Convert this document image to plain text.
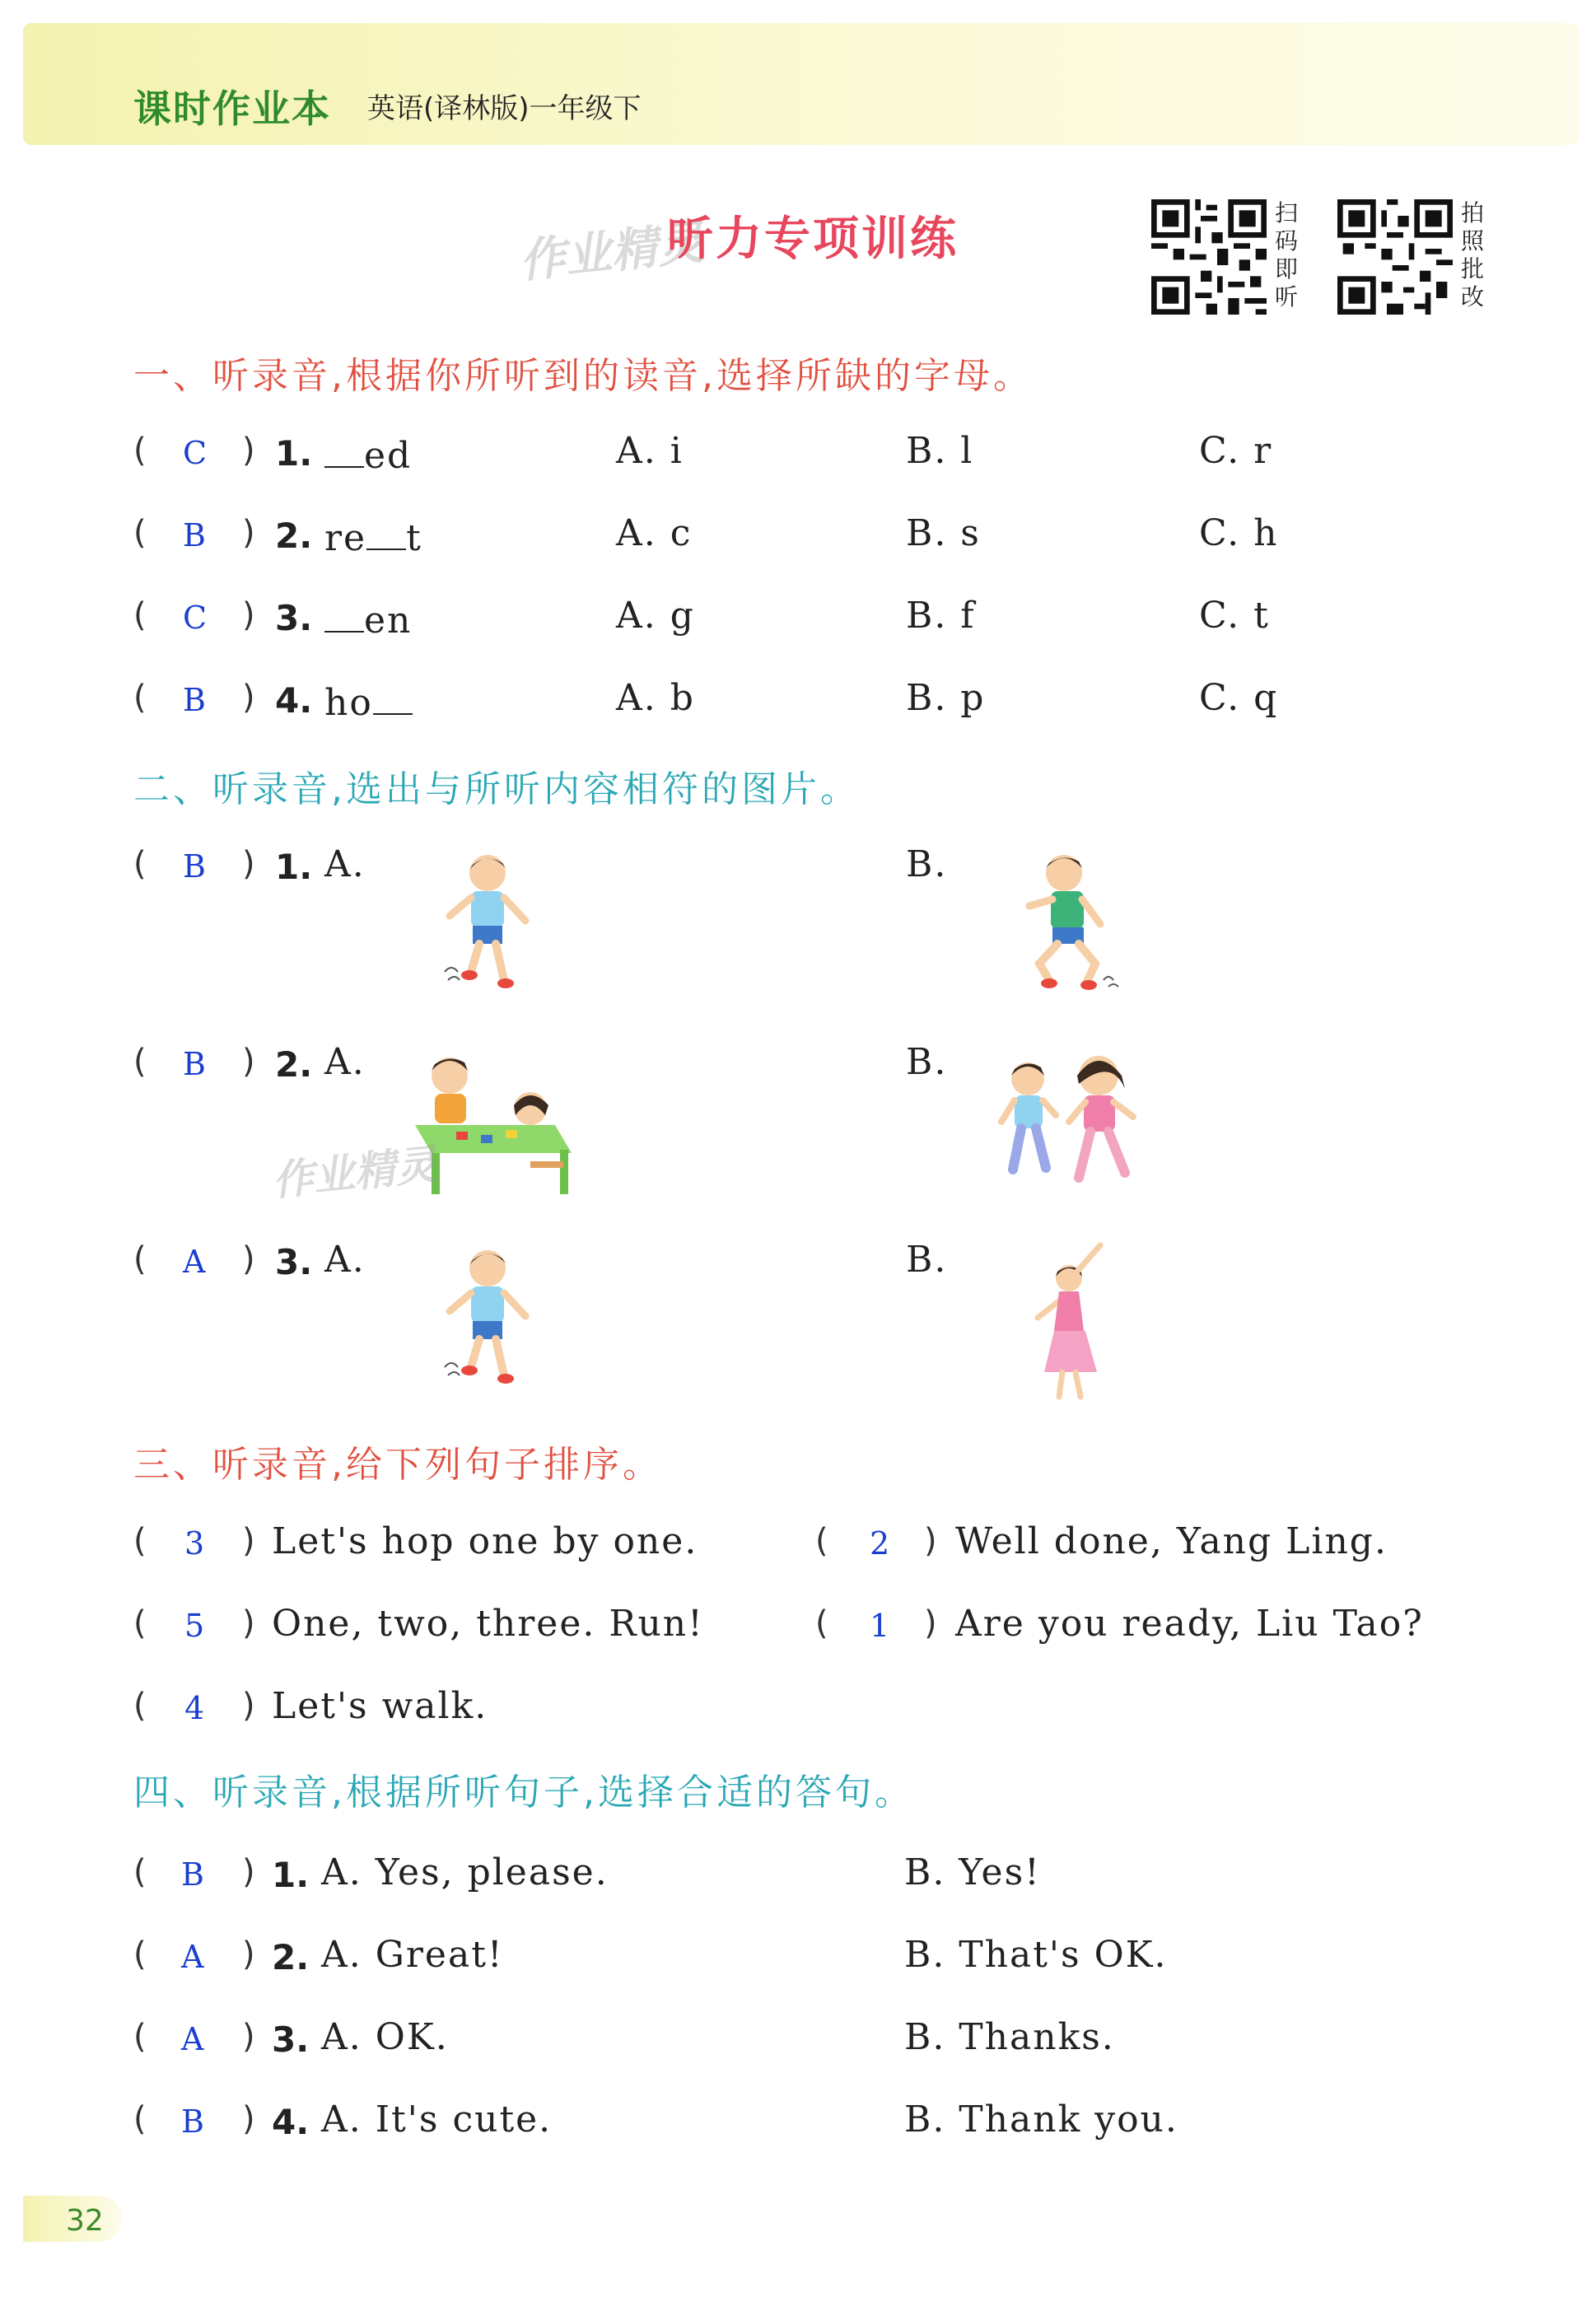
课时作业本 英语(译林版)一年级下
作业精灵
听力专项训练	扫码即听
拍照批改
一、听录音,根据你所听到的读音,选择所缺的字母。
( C ) 1.	ed	A. i	B. l	C. r
( B ) 2. re t	A. c	B. s	C. h
( C ) 3.	en	A. g	B. f	C. t
( B ) 4. ho	A. b	B. p	C. q
二、听录音,选出与所听内容相符的图片。
( B ) 1. A.	B.
( B ) 2. A.	B.
( A ) 3. A.	B.
作业精灵
三、听录音,给下列句子排序。
( 3 ) Let's hop one by one.	( 2 ) Well done, Yang Ling.
( 5 ) One, two, three. Run!	( 1 ) Are you ready, Liu Tao?
( 4 ) Let's walk.
四、听录音,根据所听句子,选择合适的答句。
( B ) 1. A. Yes, please.	B. Yes!
( A ) 2. A. Great!	B. That's OK.
( A ) 3. A. OK.	B. Thanks.
( B ) 4. A. It's cute.	B. Thank you.
32
